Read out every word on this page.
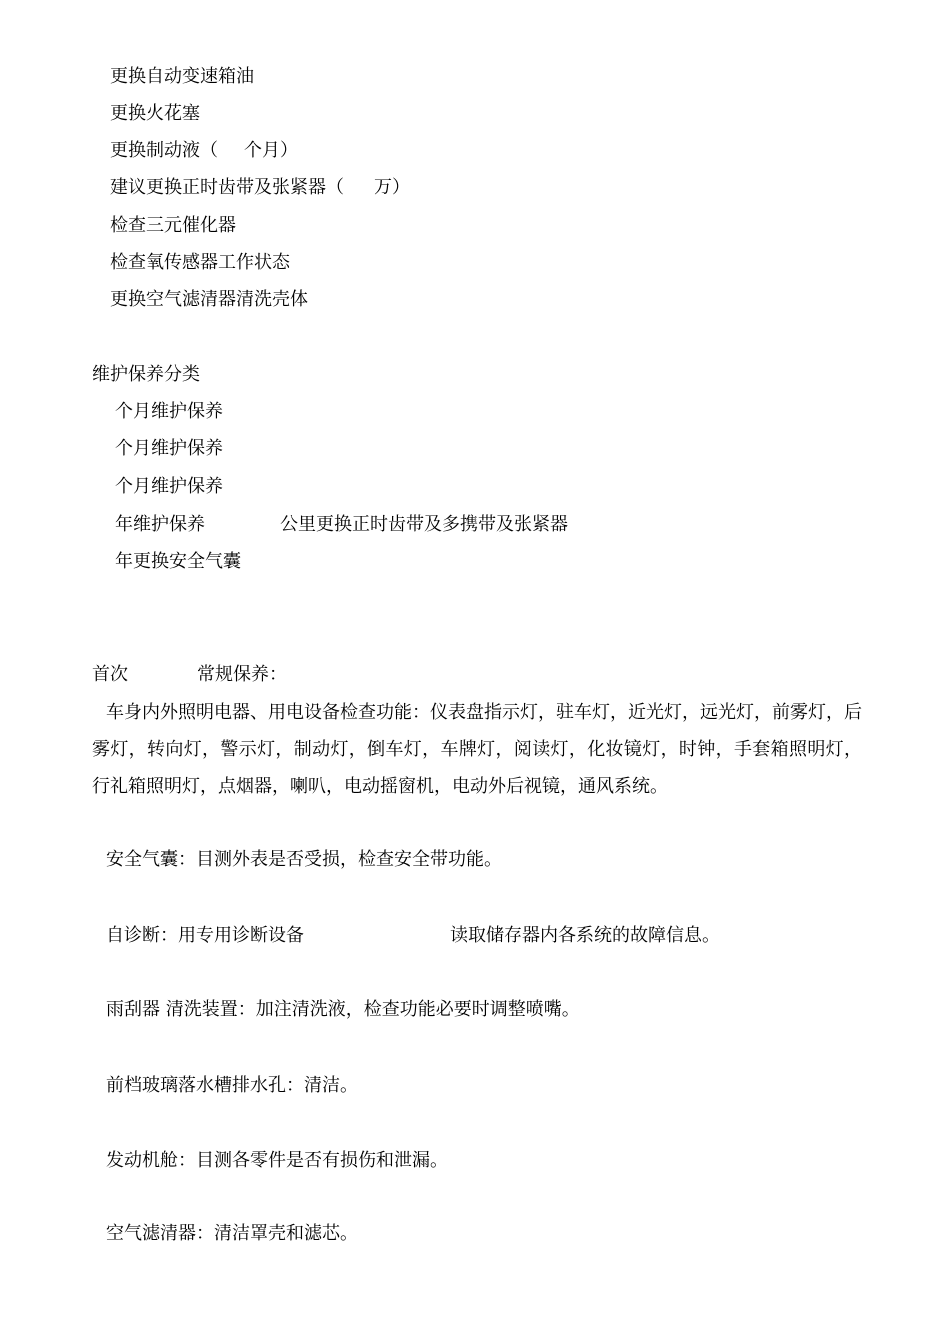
更换自动变速箱油
更换火花塞
更换制动液（ 个月）
建议更换正时齿带及张紧器（ 万）
检查三元催化器
检查氧传感器工作状态
更换空气滤清器清洗壳体
维护保养分类
个月维护保养
个月维护保养
个月维护保养
年维护保养	公里更换正时齿带及多携带及张紧器
年更换安全气囊
首次	常规保养：
车身内外照明电器、用电设备检查功能：仪表盘指示灯，驻车灯，近光灯，远光灯，前雾灯，后雾灯，转向灯，警示灯，制动灯，倒车灯，车牌灯，阅读灯，化妆镜灯，时钟，手套箱照明灯，行礼箱照明灯，点烟器，喇叭，电动摇窗机，电动外后视镜，通风系统。
安全气囊：目测外表是否受损，检查安全带功能。
自诊断：用专用诊断设备	读取储存器内各系统的故障信息。
雨刮器 清洗装置：加注清洗液，检查功能必要时调整喷嘴。
前档玻璃落水槽排水孔：清洁。
发动机舱：目测各零件是否有损伤和泄漏。
空气滤清器：清洁罩壳和滤芯。
